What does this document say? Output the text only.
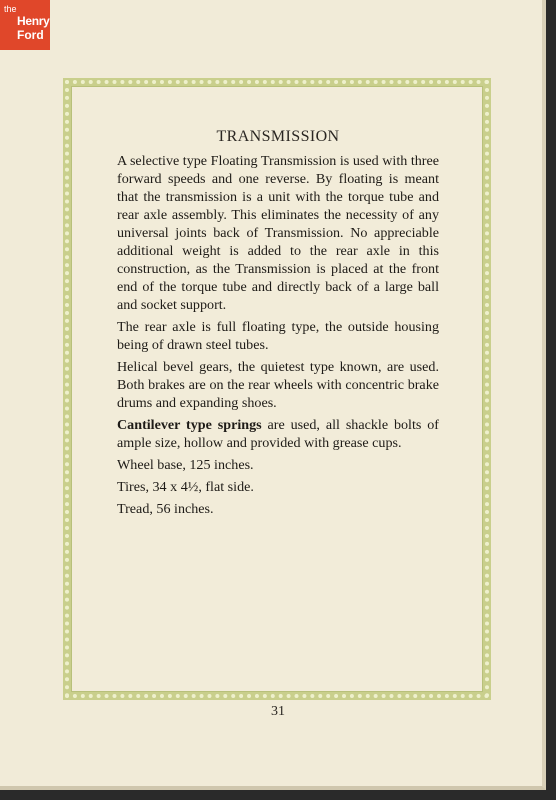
the
Henry
Ford
TRANSMISSION

A selective type Floating Transmission is used with three forward speeds and one reverse. By floating is meant that the transmission is a unit with the torque tube and rear axle assembly. This eliminates the necessity of any universal joints back of Transmission. No appreciable additional weight is added to the rear axle in this construction, as the Transmission is placed at the front end of the torque tube and directly back of a large ball and socket support.

The rear axle is full floating type, the outside housing being of drawn steel tubes.

Helical bevel gears, the quietest type known, are used. Both brakes are on the rear wheels with concentric brake drums and expanding shoes.

Cantilever type springs are used, all shackle bolts of ample size, hollow and provided with grease cups.

Wheel base, 125 inches.

Tires, 34 x 4½, flat side.

Tread, 56 inches.

31
